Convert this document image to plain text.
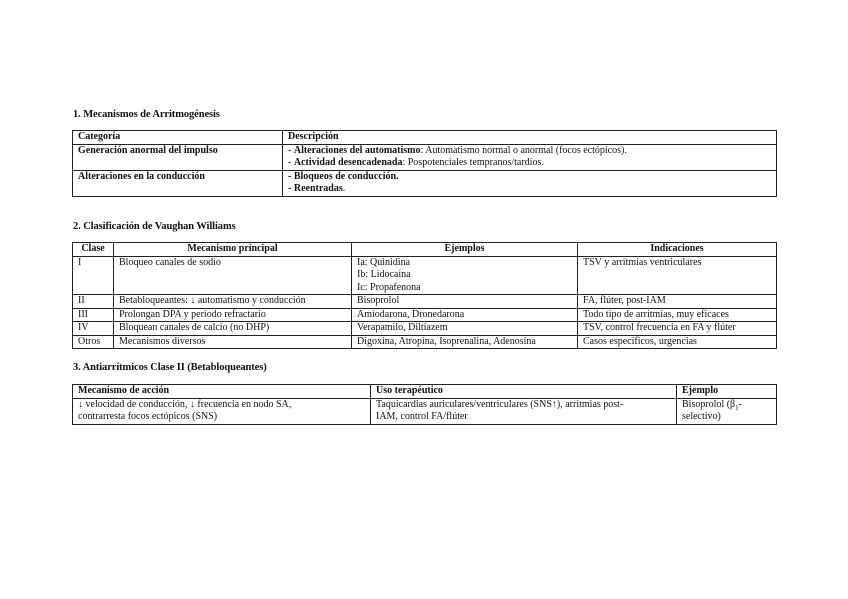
1. Mecanismos de Arritmogénesis
Categoría	Descripción
Generación anormal del impulso	- Alteraciones del automatismo: Automatismo normal o anormal (focos ectópicos).
- Actividad desencadenada: Pospotenciales tempranos/tardíos.

Alteraciones en la conducción	- Bloqueos de conducción.
- Reentradas.
2. Clasificación de Vaughan Williams
Clase	Mecanismo principal	Ejemplos	Indicaciones
I	Bloqueo canales de sodio	Ia: Quinidina
Ib: Lidocaína
Ic: Propafenona	TSV y arritmias ventriculares
II	Betabloqueantes: ↓ automatismo y conducción	Bisoprolol	FA, flúter, post-IAM
III	Prolongan DPA y periodo refractario	Amiodarona, Dronedarona	Todo tipo de arritmias, muy eficaces
IV	Bloquean canales de calcio (no DHP)	Verapamilo, Diltiazem	TSV, control frecuencia en FA y flúter
Otros	Mecanismos diversos	Digoxina, Atropina, Isoprenalina, Adenosina	Casos específicos, urgencias
3. Antiarrítmicos Clase II (Betabloqueantes)
Mecanismo de acción	Uso terapéutico	Ejemplo

↓ velocidad de conducción, ↓ frecuencia en nodo SA,
contrarresta focos ectópicos (SNS)	Taquicardias auriculares/ventriculares (SNS↑), arritmias post-
IAM, control FA/flúter	Bisoprolol ($\beta_1-$
selectivo)
